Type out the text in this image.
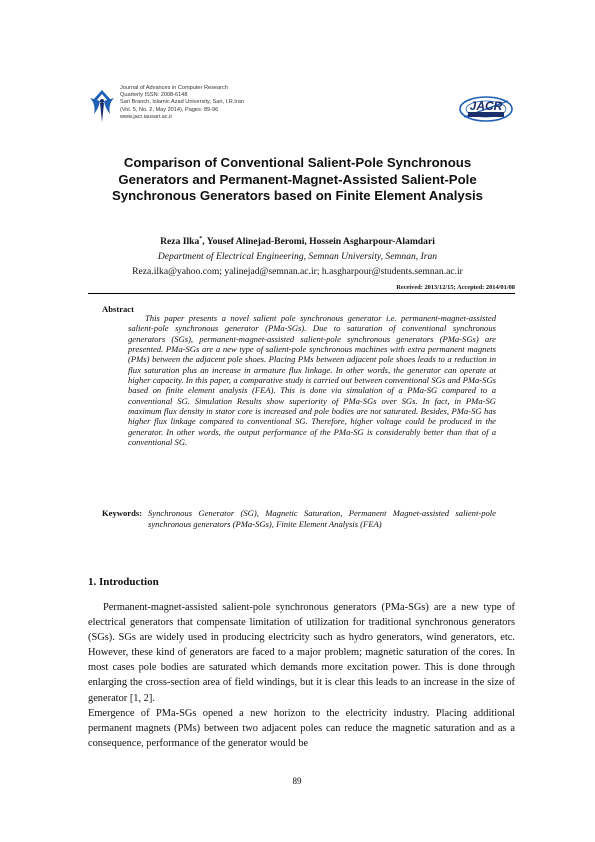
Journal of Advances in Computer Research
Quarterly ISSN: 2008-6148
Sari Branch, Islamic Azad University, Sari, I.R.Iran
(Vol. 5, No. 2, May 2014), Pages: 89-96
www.jacr.iausari.ac.ir
JACR
Comparison of Conventional Salient-Pole Synchronous Generators and Permanent-Magnet-Assisted Salient-Pole Synchronous Generators based on Finite Element Analysis
Reza Ilka*, Yousef Alinejad-Beromi, Hossein Asgharpour-Alamdari
Department of Electrical Engineering, Semnan University, Semnan, Iran
Reza.ilka@yahoo.com; yalinejad@semnan.ac.ir; h.asgharpour@students.semnan.ac.ir
Received: 2013/12/15; Accepted: 2014/01/08
Abstract
This paper presents a novel salient pole synchronous generator i.e. permanent-magnet-assisted salient-pole synchronous generator (PMa-SGs). Due to saturation of conventional synchronous generators (SGs), permanent-magnet-assisted salient-pole synchronous generators (PMa-SGs) are presented. PMa-SGs are a new type of salient-pole synchronous machines with extra permanent magnets (PMs) between the adjacent pole shoes. Placing PMs between adjacent pole shoes leads to a reduction in flux saturation plus an increase in armature flux linkage. In other words, the generator can operate at higher capacity. In this paper, a comparative study is carried out between conventional SGs and PMa-SGs based on finite element analysis (FEA). This is done via simulation of a PMa-SG compared to a conventional SG. Simulation Results show superiority of PMa-SGs over SGs. In fact, in PMa-SG maximum flux density in stator core is increased and pole bodies are not saturated. Besides, PMa-SG has higher flux linkage compared to conventional SG. Therefore, higher voltage could be produced in the generator. In other words, the output performance of the PMa-SG is considerably better than that of a conventional SG.
Keywords: Synchronous Generator (SG), Magnetic Saturation, Permanent Magnet-assisted salient-pole synchronous generators (PMa-SGs), Finite Element Analysis (FEA)
1. Introduction

Permanent-magnet-assisted salient-pole synchronous generators (PMa-SGs) are a new type of electrical generators that compensate limitation of utilization for traditional synchronous generators (SGs). SGs are widely used in producing electricity such as hydro generators, wind generators, etc. However, these kind of generators are faced to a major problem; magnetic saturation of the cores. In most cases pole bodies are saturated which demands more excitation power. This is done through enlarging the cross-section area of field windings, but it is clear this leads to an increase in the size of generator [1, 2].

Emergence of PMa-SGs opened a new horizon to the electricity industry. Placing additional permanent magnets (PMs) between two adjacent poles can reduce the magnetic saturation and as a consequence, performance of the generator would be

89
